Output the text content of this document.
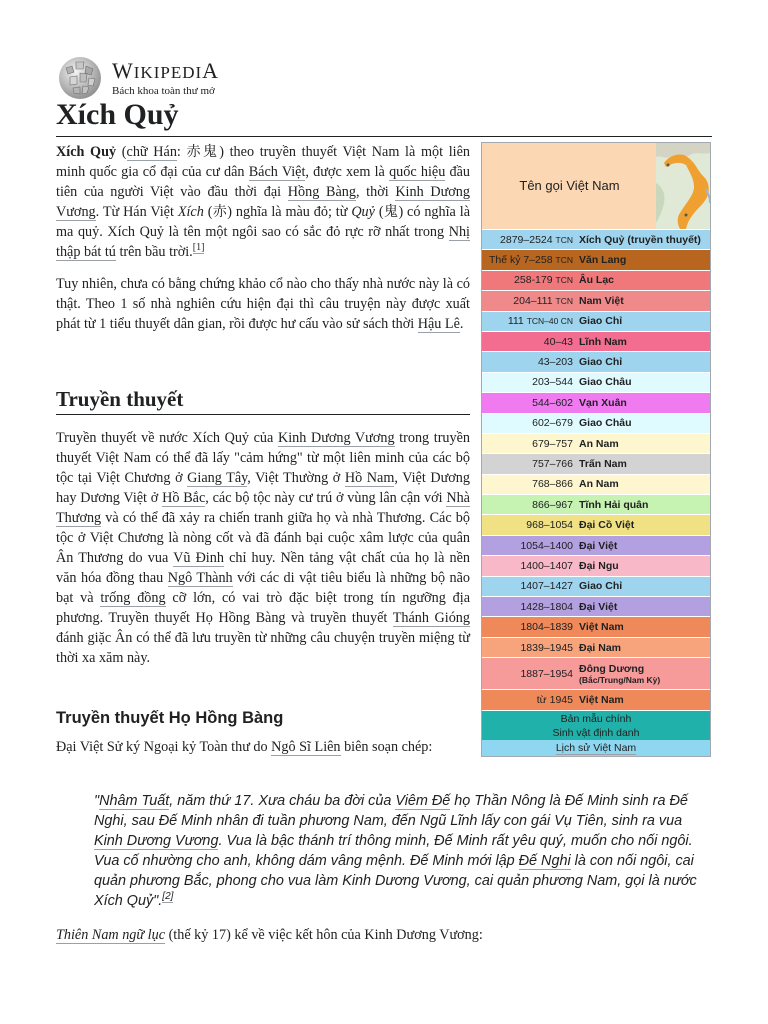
WIKIPEDIA
Bách khoa toàn thư mở
Xích Quỷ

Xích Quỷ (chữ Hán: 赤鬼) theo truyền thuyết Việt Nam là một liên minh quốc gia cổ đại của cư dân Bách Việt, được xem là quốc hiệu đầu tiên của người Việt vào đầu thời đại Hồng Bàng, thời Kinh Dương Vương. Từ Hán Việt Xích (赤) nghĩa là màu đỏ; từ Quỷ (鬼) có nghĩa là ma quỷ. Xích Quỷ là tên một ngôi sao có sắc đỏ rực rỡ nhất trong Nhị thập bát tú trên bầu trời.[1]

Tuy nhiên, chưa có bằng chứng khảo cổ nào cho thấy nhà nước này là có thật. Theo 1 số nhà nghiên cứu hiện đại thì câu truyện này được xuất phát từ 1 tiểu thuyết dân gian, rồi được hư cấu vào sử sách thời Hậu Lê.

Truyền thuyết

Truyền thuyết về nước Xích Quỷ của Kinh Dương Vương trong truyền thuyết Việt Nam có thể đã lấy "cảm hứng" từ một liên minh của các bộ tộc tại Việt Chương ở Giang Tây, Việt Thường ở Hồ Nam, Việt Dương hay Dương Việt ở Hồ Bắc, các bộ tộc này cư trú ở vùng lân cận với Nhà Thương và có thể đã xảy ra chiến tranh giữa họ và nhà Thương. Các bộ tộc ở Việt Chương là nòng cốt và đã đánh bại cuộc xâm lược của quân Ân Thương do vua Vũ Đinh chỉ huy. Nền tảng vật chất của họ là nền văn hóa đồng thau Ngô Thành với các di vật tiêu biểu là những bộ não bạt và trống đồng cỡ lớn, có vai trò đặc biệt trong tín ngưỡng địa phương. Truyền thuyết Họ Hồng Bàng và truyền thuyết Thánh Gióng đánh giặc Ân có thể đã lưu truyền từ những câu chuyện truyền miệng từ thời xa xăm này.

Truyền thuyết Họ Hồng Bàng

Đại Việt Sử ký Ngoại kỷ Toàn thư do Ngô Sĩ Liên biên soạn chép:

"Nhâm Tuất, năm thứ 17. Xưa cháu ba đời của Viêm Đế họ Thần Nông là Đế Minh sinh ra Đế Nghi, sau Đế Minh nhân đi tuần phương Nam, đến Ngũ Lĩnh lấy con gái Vụ Tiên, sinh ra vua Kinh Dương Vương. Vua là bậc thánh trí thông minh, Đế Minh rất yêu quý, muốn cho nối ngôi. Vua cố nhường cho anh, không dám vâng mệnh. Đế Minh mới lập Đế Nghi là con nối ngôi, cai quản phương Bắc, phong cho vua làm Kinh Dương Vương, cai quản phương Nam, gọi là nước Xích Quỷ".[2]

Thiên Nam ngữ lục (thế kỷ 17) kể về việc kết hôn của Kinh Dương Vương:

Tên gọi Việt Nam
2879–2524 TCN Xích Quỷ (truyền thuyết)
Thế kỷ 7–258 TCN Văn Lang
258-179 TCN Âu Lạc
204–111 TCN Nam Việt
111 TCN–40 CN Giao Chỉ
40–43 Lĩnh Nam
43–203 Giao Chỉ
203–544 Giao Châu
544–602 Vạn Xuân
602–679 Giao Châu
679–757 An Nam
757–766 Trấn Nam
768–866 An Nam
866–967 Tĩnh Hải quân
968–1054 Đại Cồ Việt
1054–1400 Đại Việt
1400–1407 Đại Ngu
1407–1427 Giao Chỉ
1428–1804 Đại Việt
1804–1839 Việt Nam
1839–1945 Đại Nam
1887–1954 Đông Dương
(Bắc/Trung/Nam Kỳ)
từ 1945 Việt Nam
Bản mẫu chính
Sinh vật định danh
Lịch sử Việt Nam
